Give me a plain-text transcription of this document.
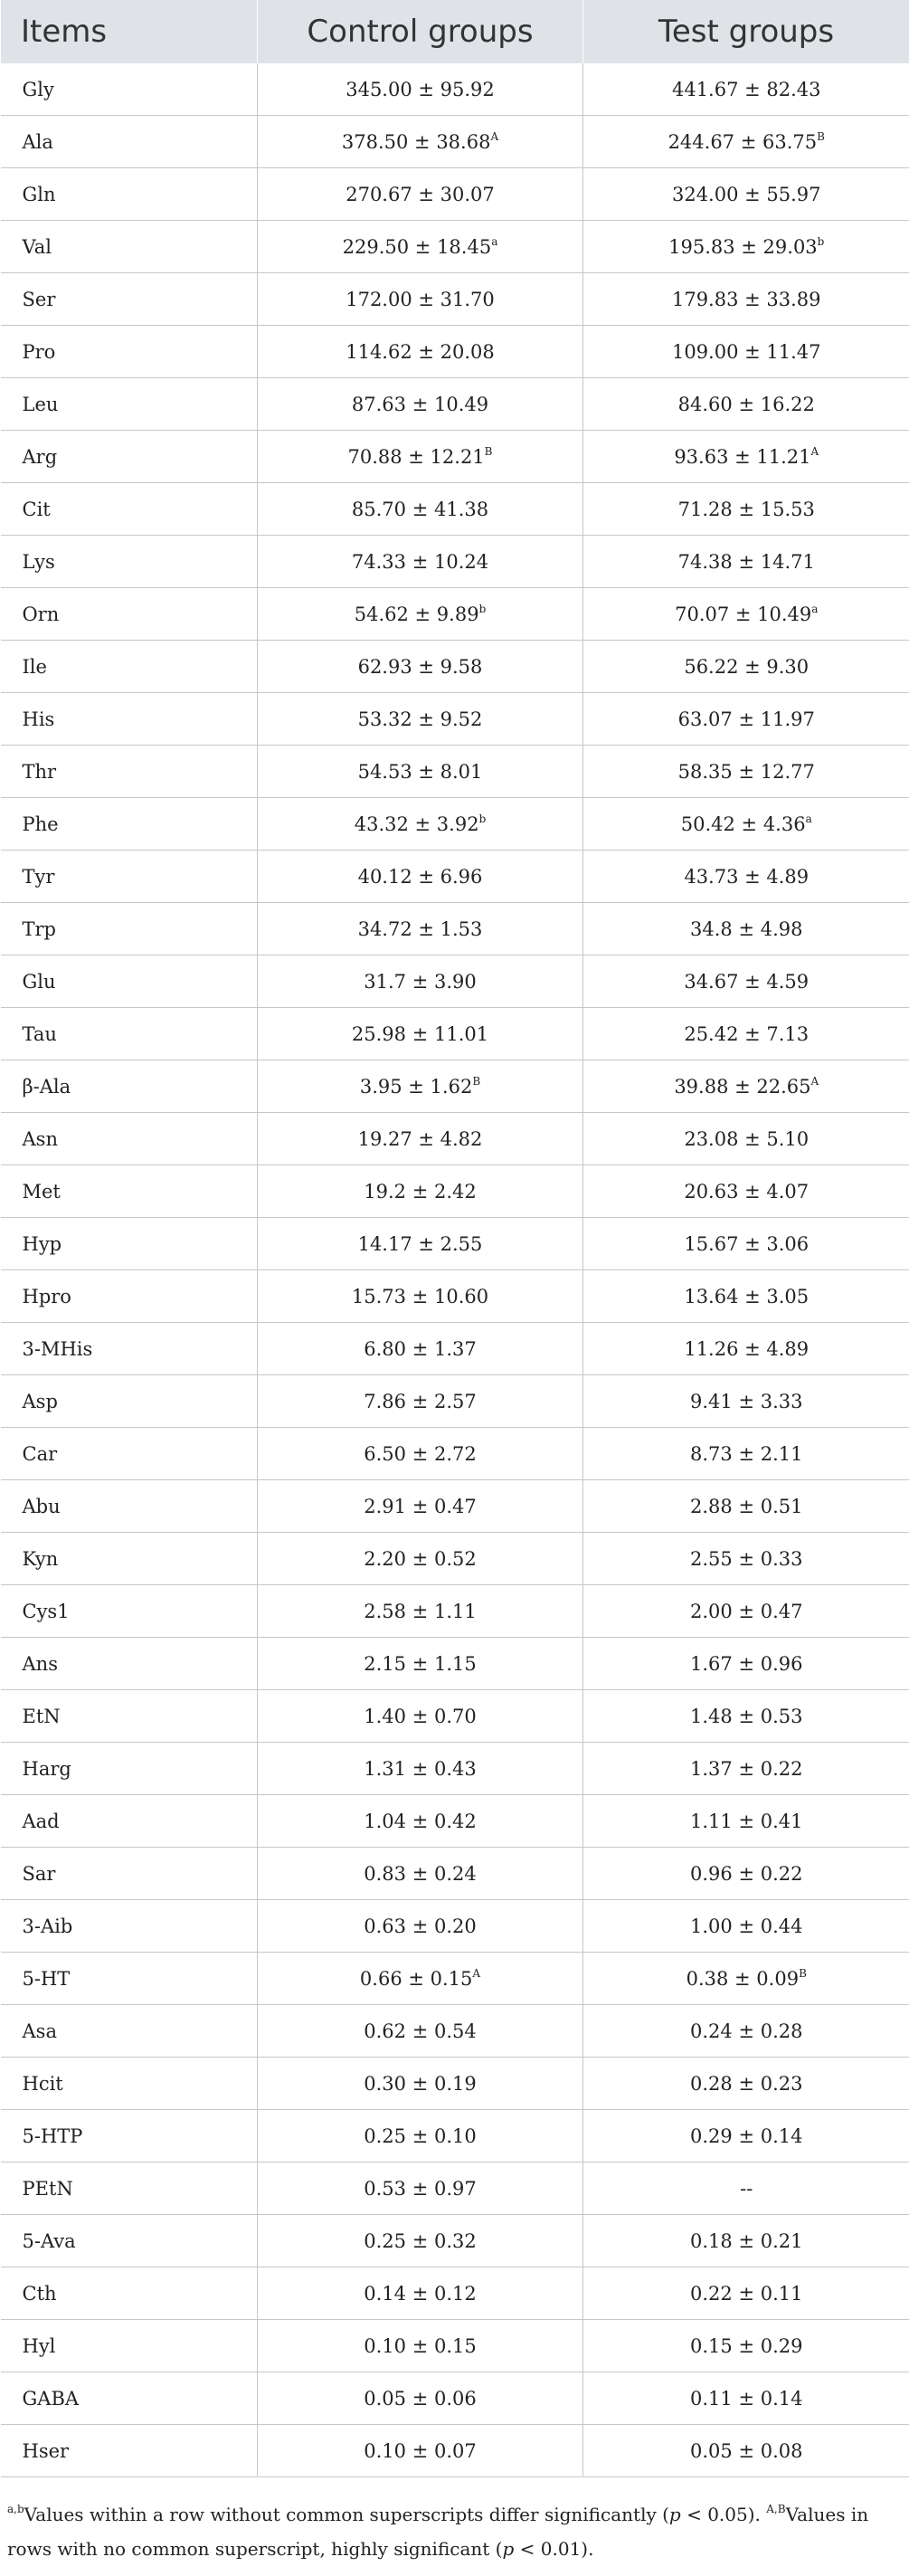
Items	Control groups	Test groups
Gly	345.00 ± 95.92	441.67 ± 82.43
Ala	$378.50 \pm 38.68^A$	$244.67 \pm 63.75^B$
Gln	270.67 ± 30.07	324.00 ± 55.97
Val	229.50 ± 18.45$^a$	195.83 ± 29.03$^b$
Ser	172.00 ± 31.70	179.83 ± 33.89
Pro	114.62 ± 20.08	109.00 ± 11.47
Leu	87.63 ± 10.49	84.60 ± 16.22
Arg	$70.88 \pm 12.21^B$	$93.63 \pm 11.21^A$
Cit	85.70 ± 41.38	71.28 ± 15.53
Lys	74.33 ± 10.24	74.38 ± 14.71
Orn	54.62 ± 9.89$^b$	70.07 ± 10.49$^a$
Ile	62.93 ± 9.58	56.22 ± 9.30
His	53.32 ± 9.52	63.07 ± 11.97
Thr	54.53 ± 8.01	58.35 ± 12.77
Phe	43.32 ± 3.92$^b$	50.42 ± 4.36$^a$
Tyr	40.12 ± 6.96	43.73 ± 4.89
Trp	34.72 ± 1.53	34.8 ± 4.98
Glu	31.7 ± 3.90	34.67 ± 4.59
Tau	25.98 ± 11.01	25.42 ± 7.13
β-Ala	$3.95 \pm 1.62^B$	$39.88 \pm 22.65^A$
Asn	19.27 ± 4.82	23.08 ± 5.10
Met	19.2 ± 2.42	20.63 ± 4.07
Hyp	14.17 ± 2.55	15.67 ± 3.06
Hpro	15.73 ± 10.60	13.64 ± 3.05
3-MHis	6.80 ± 1.37	11.26 ± 4.89
Asp	7.86 ± 2.57	9.41 ± 3.33
Car	6.50 ± 2.72	8.73 ± 2.11
Abu	2.91 ± 0.47	2.88 ± 0.51
Kyn	2.20 ± 0.52	2.55 ± 0.33
Cys1	2.58 ± 1.11	2.00 ± 0.47
Ans	2.15 ± 1.15	1.67 ± 0.96
EtN	1.40 ± 0.70	1.48 ± 0.53
Harg	1.31 ± 0.43	1.37 ± 0.22
Aad	1.04 ± 0.42	1.11 ± 0.41
Sar	0.83 ± 0.24	0.96 ± 0.22
3-Aib	0.63 ± 0.20	1.00 ± 0.44
5-HT	$0.66 \pm 0.15^A$	$0.38 \pm 0.09^B$
Asa	0.62 ± 0.54	0.24 ± 0.28
Hcit	0.30 ± 0.19	0.28 ± 0.23
5-HTP	0.25 ± 0.10	0.29 ± 0.14
PEtN	0.53 ± 0.97	--
5-Ava	0.25 ± 0.32	0.18 ± 0.21
Cth	0.14 ± 0.12	0.22 ± 0.11
Hyl	0.10 ± 0.15	0.15 ± 0.29
GABA	0.05 ± 0.06	0.11 ± 0.14
Hser	0.10 ± 0.07	0.05 ± 0.08
$^{a,b}$Values within a row without common superscripts differ significantly (p < 0.05). $^{A,B}$Values in rows with no common superscript, highly significant (p < 0.01).
